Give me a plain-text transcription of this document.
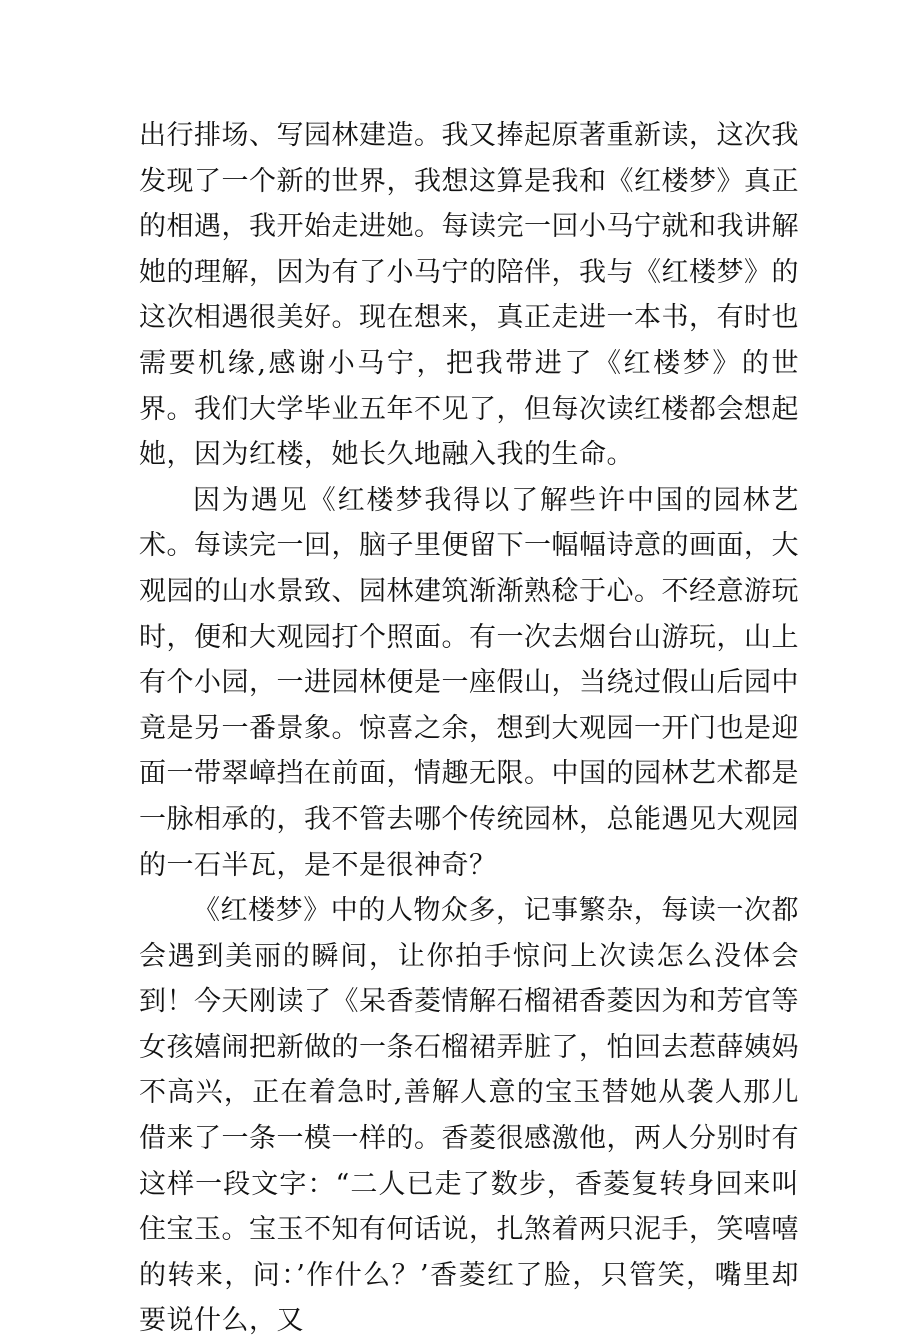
出行排场、写园林建造。我又捧起原著重新读，这次我发现了一个新的世界，我想这算是我和《红楼梦》真正的相遇，我开始走进她。每读完一回小马宁就和我讲解她的理解，因为有了小马宁的陪伴，我与《红楼梦》的这次相遇很美好。现在想来，真正走进一本书，有时也需要机缘,感谢小马宁，把我带进了《红楼梦》的世界。我们大学毕业五年不见了，但每次读红楼都会想起她，因为红楼，她长久地融入我的生命。

因为遇见《红楼梦我得以了解些许中国的园林艺术。每读完一回，脑子里便留下一幅幅诗意的画面，大观园的山水景致、园林建筑渐渐熟稔于心。不经意游玩时，便和大观园打个照面。有一次去烟台山游玩，山上有个小园，一进园林便是一座假山，当绕过假山后园中竟是另一番景象。惊喜之余，想到大观园一开门也是迎面一带翠嶂挡在前面，情趣无限。中国的园林艺术都是一脉相承的，我不管去哪个传统园林，总能遇见大观园的一石半瓦，是不是很神奇？

《红楼梦》中的人物众多，记事繁杂，每读一次都会遇到美丽的瞬间，让你拍手惊问上次读怎么没体会到！今天刚读了《呆香菱情解石榴裙香菱因为和芳官等女孩嬉闹把新做的一条石榴裙弄脏了，怕回去惹薛姨妈不高兴，正在着急时,善解人意的宝玉替她从袭人那儿借来了一条一模一样的。香菱很感激他，两人分别时有这样一段文字：“二人已走了数步，香菱复转身回来叫住宝玉。宝玉不知有何话说，扎煞着两只泥手，笑嘻嘻的转来，问：’作什么？’香菱红了脸，只管笑，嘴里却要说什么，又
